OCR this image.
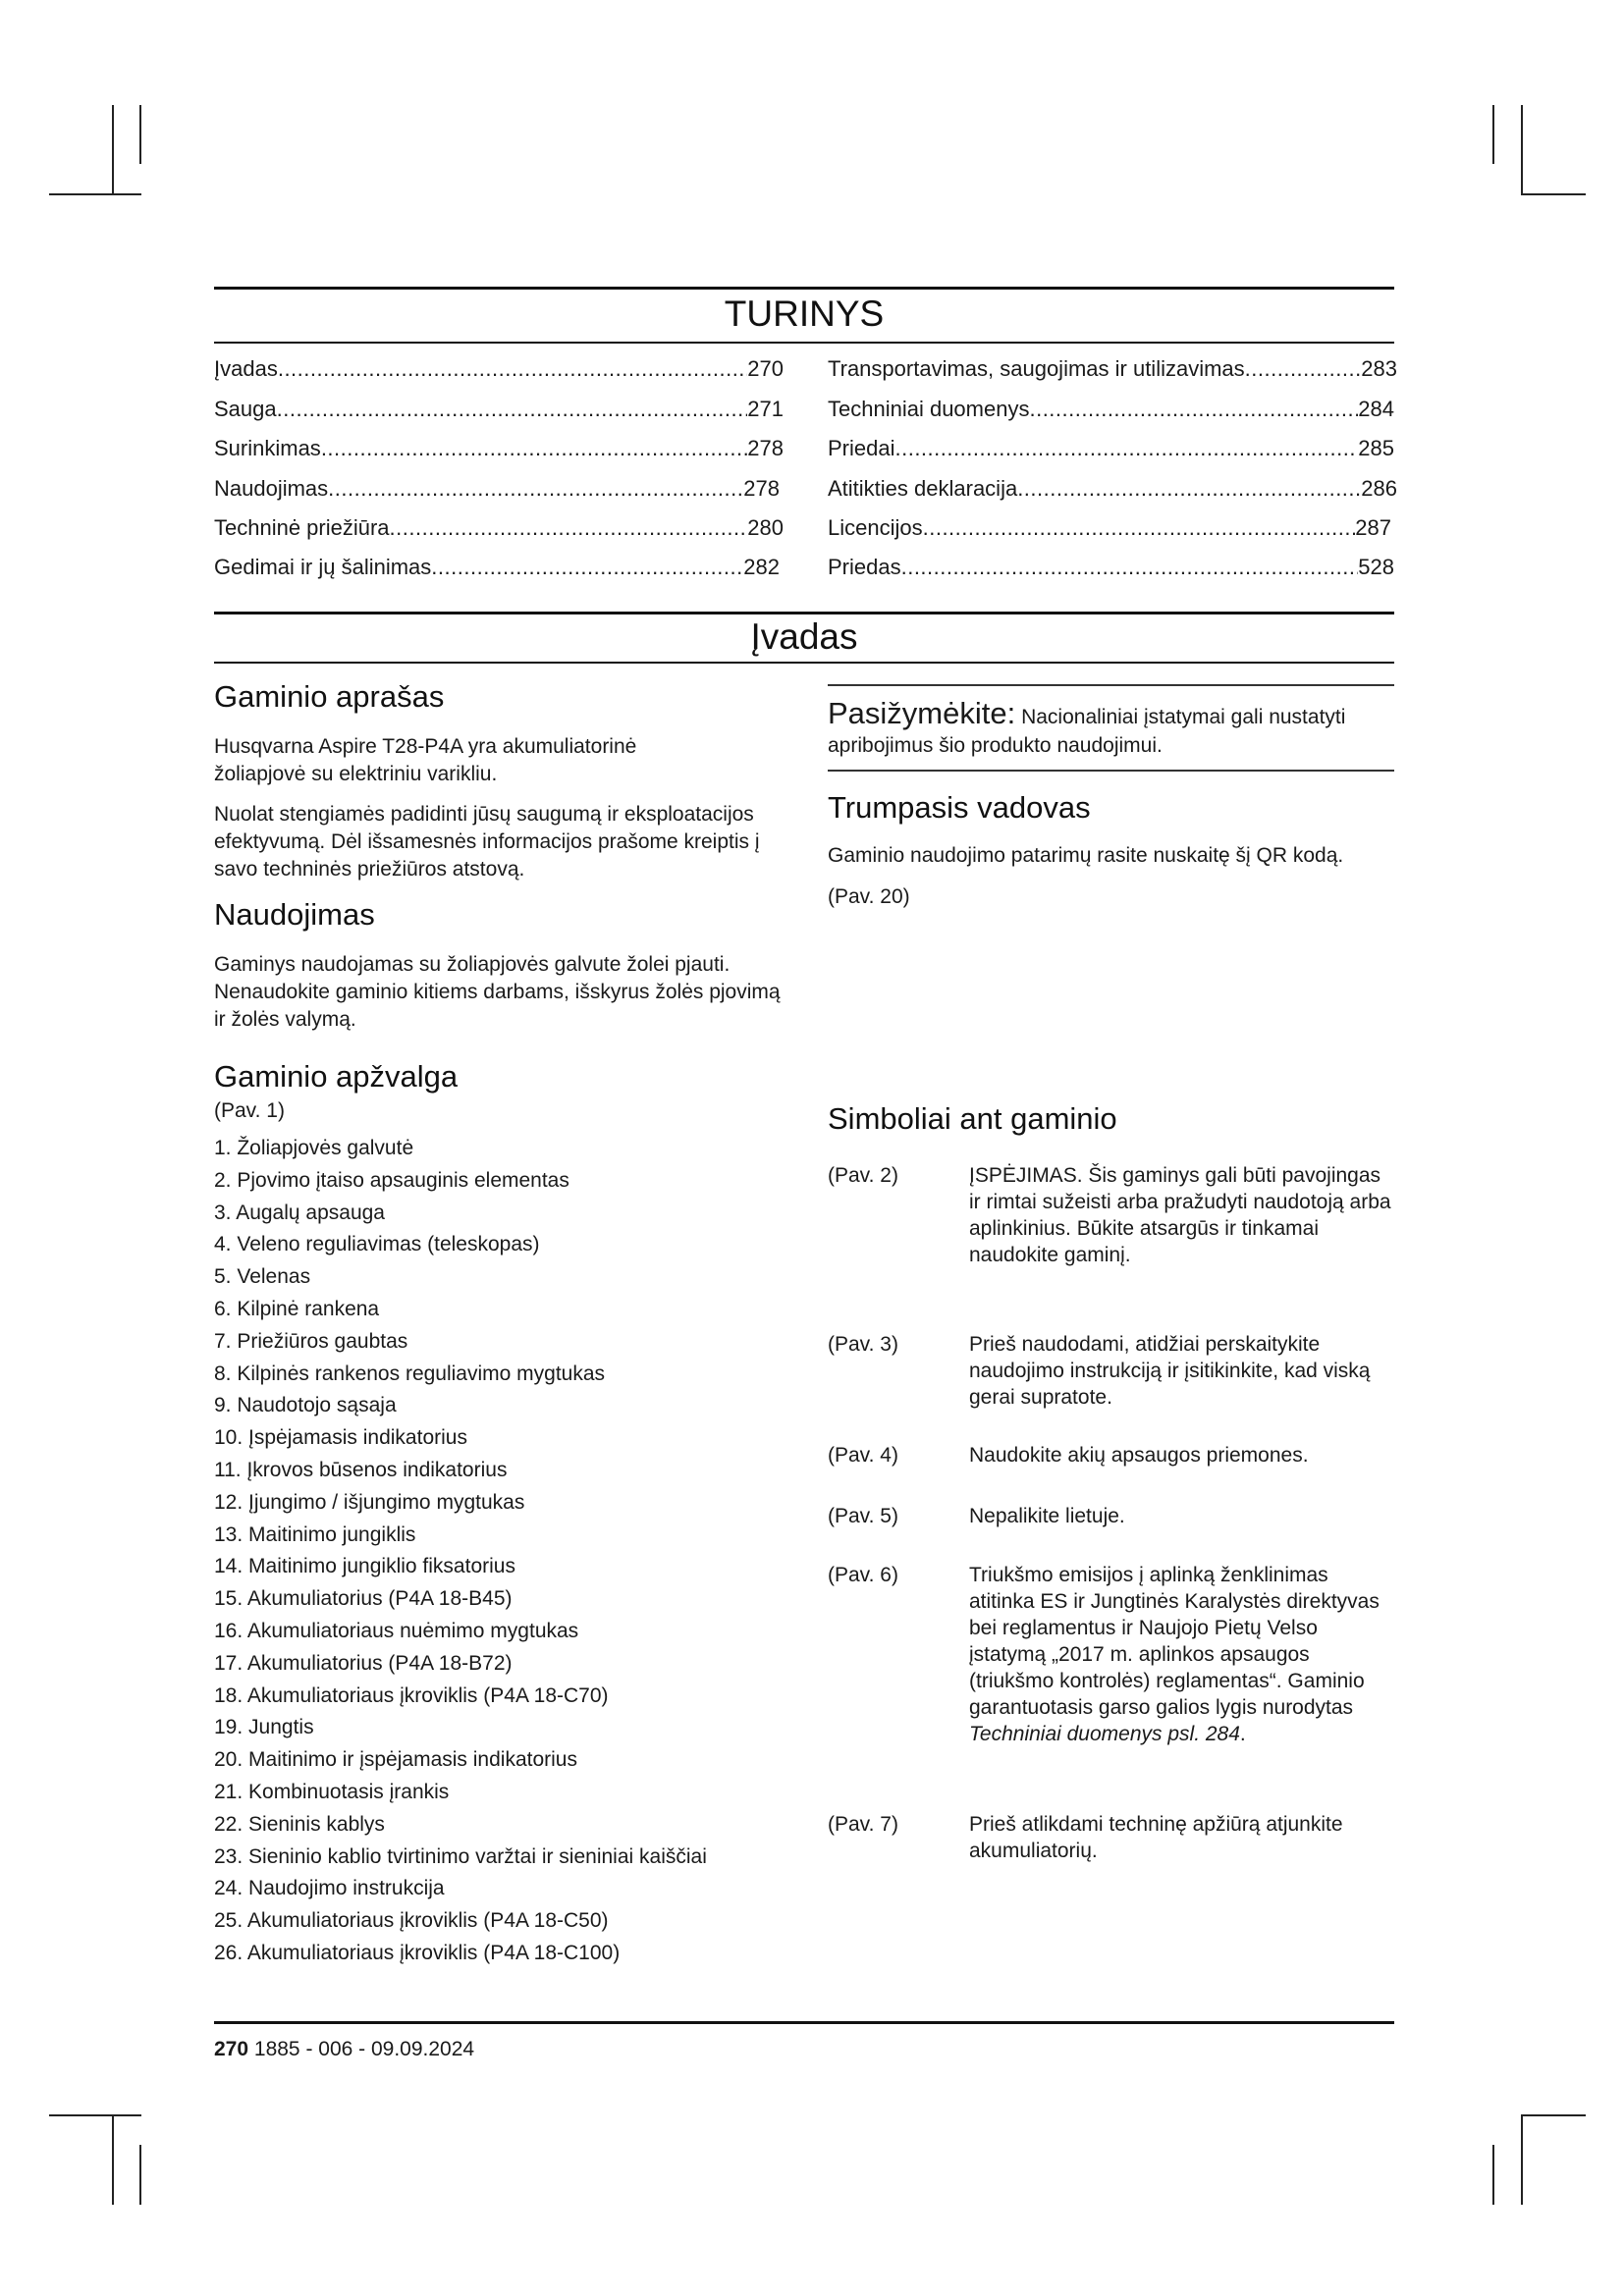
TURINYS
Įvadas .....	270
Sauga .....	271
Surinkimas .....	278
Naudojimas .....	278
Techninė priežiūra .....	280
Gedimai ir jų šalinimas .....	282
Transportavimas, saugojimas ir utilizavimas .....	283
Techniniai duomenys .....	284
Priedai .....	285
Atitikties deklaracija .....	286
Licencijos .....	287
Priedas .....	528
Įvadas
Gaminio aprašas

Husqvarna Aspire T28-P4A yra akumuliatorinė žoliapjovė su elektriniu varikliu.

Nuolat stengiamės padidinti jūsų saugumą ir eksploatacijos efektyvumą. Dėl išsamesnės informacijos prašome kreiptis į savo techninės priežiūros atstovą.

Naudojimas

Gaminys naudojamas su žoliapjovės galvute žolei pjauti. Nenaudokite gaminio kitiems darbams, išskyrus žolės pjovimą ir žolės valymą.

Gaminio apžvalga
(Pav. 1)
1. Žoliapjovės galvutė
2. Pjovimo įtaiso apsauginis elementas
3. Augalų apsauga
4. Veleno reguliavimas (teleskopas)
5. Velenas
6. Kilpinė rankena
7. Priežiūros gaubtas
8. Kilpinės rankenos reguliavimo mygtukas
9. Naudotojo sąsaja
10. Įspėjamasis indikatorius
11. Įkrovos būsenos indikatorius
12. Įjungimo / išjungimo mygtukas
13. Maitinimo jungiklis
14. Maitinimo jungiklio fiksatorius
15. Akumuliatorius (P4A 18-B45)
16. Akumuliatoriaus nuėmimo mygtukas
17. Akumuliatorius (P4A 18-B72)
18. Akumuliatoriaus įkroviklis (P4A 18-C70)
19. Jungtis
20. Maitinimo ir įspėjamasis indikatorius
21. Kombinuotasis įrankis
22. Sieninis kablys
23. Sieninio kablio tvirtinimo varžtai ir sieniniai kaiščiai
24. Naudojimo instrukcija
25. Akumuliatoriaus įkroviklis (P4A 18-C50)
26. Akumuliatoriaus įkroviklis (P4A 18-C100)
Pasižymėkite: Nacionaliniai įstatymai gali nustatyti apribojimus šio produkto naudojimui.
Trumpasis vadovas

Gaminio naudojimo patarimų rasite nuskaitę šį QR kodą.

(Pav. 20)
Simboliai ant gaminio
(Pav. 2)	ĮSPĖJIMAS. Šis gaminys gali būti pavojingas ir rimtai sužeisti arba pražudyti naudotoją arba aplinkinius. Būkite atsargūs ir tinkamai naudokite gaminį.
(Pav. 3)	Prieš naudodami, atidžiai perskaitykite naudojimo instrukciją ir įsitikinkite, kad viską gerai supratote.
(Pav. 4)	Naudokite akių apsaugos priemones.
(Pav. 5)	Nepalikite lietuje.
(Pav. 6)	Triukšmo emisijos į aplinką ženklinimas atitinka ES ir Jungtinės Karalystės direktyvas bei reglamentus ir Naujojo Pietų Velso įstatymą „2017 m. aplinkos apsaugos (triukšmo kontrolės) reglamentas“. Gaminio garantuotasis garso galios lygis nurodytas Techniniai duomenys psl. 284.
(Pav. 7)	Prieš atlikdami techninę apžiūrą atjunkite akumuliatorių.
270 1885 - 006 - 09.09.2024
